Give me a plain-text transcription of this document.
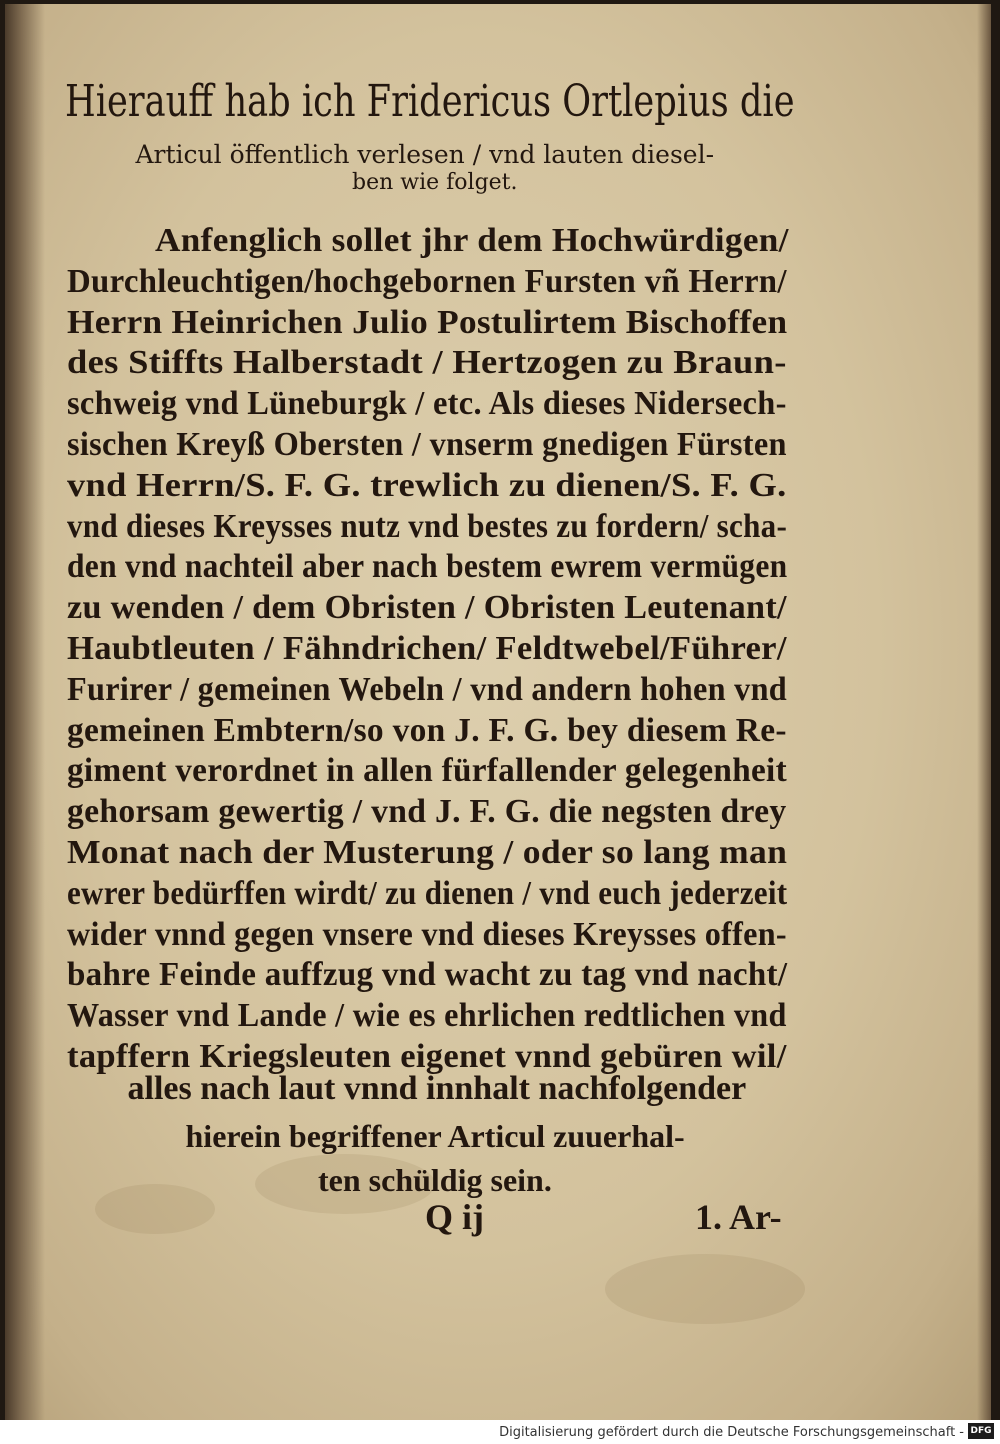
Hierauff hab ich Fridericus Ortlepius die
Articul öffentlich verlesen / vnd lauten diesel-
ben wie folget.
Anfenglich sollet jhr dem Hochwürdigen/
Durchleuchtigen/hochgebornen Fursten vñ Herrn/
Herrn Heinrichen Julio Postulirtem Bischoffen
des Stiffts Halberstadt / Hertzogen zu Braun-
schweig vnd Lüneburgk / etc. Als dieses Nidersech-
sischen Kreyß Obersten / vnserm gnedigen Fürsten
vnd Herrn/S. F. G. trewlich zu dienen/S. F. G.
vnd dieses Kreysses nutz vnd bestes zu fordern/ scha-
den vnd nachteil aber nach bestem ewrem vermügen
zu wenden / dem Obristen / Obristen Leutenant/
Haubtleuten / Fähndrichen/ Feldtwebel/Führer/
Furirer / gemeinen Webeln / vnd andern hohen vnd
gemeinen Embtern/so von J. F. G. bey diesem Re-
giment verordnet in allen fürfallender gelegenheit
gehorsam gewertig / vnd J. F. G. die negsten drey
Monat nach der Musterung / oder so lang man
ewrer bedürffen wirdt/ zu dienen / vnd euch jederzeit
wider vnnd gegen vnsere vnd dieses Kreysses offen-
bahre Feinde auffzug vnd wacht zu tag vnd nacht/
Wasser vnd Lande / wie es ehrlichen redtlichen vnd
tapffern Kriegsleuten eigenet vnnd gebüren wil/
alles nach laut vnnd innhalt nachfolgender
hierein begriffener Articul zuuerhal-
ten schüldig sein.
Q ij	1. Ar-
Digitalisierung gefördert durch die Deutsche Forschungsgemeinschaft - DFG
